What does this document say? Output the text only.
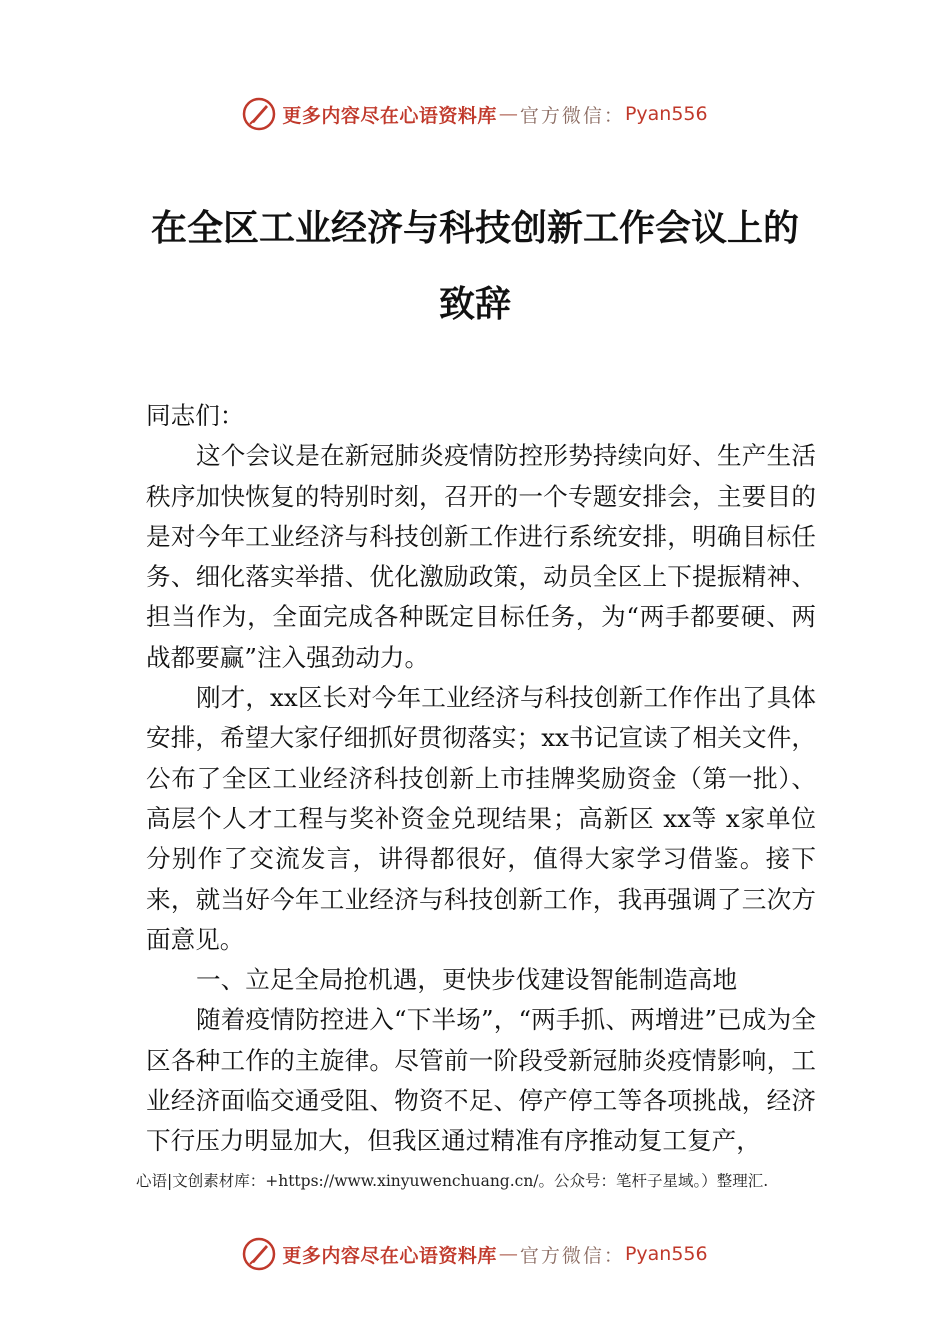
更多内容尽在心语资料库 — 官方微信： Pyan556
在全区工业经济与科技创新工作会议上的
致辞

同志们：

这个会议是在新冠肺炎疫情防控形势持续向好、生产生活秩序加快恢复的特别时刻，召开的一个专题安排会，主要目的是对今年工业经济与科技创新工作进行系统安排，明确目标任务、细化落实举措、优化激励政策，动员全区上下提振精神、担当作为，全面完成各种既定目标任务，为“两手都要硬、两战都要赢”注入强劲动力。

刚才，xx区长对今年工业经济与科技创新工作作出了具体安排，希望大家仔细抓好贯彻落实；xx书记宣读了相关文件，公布了全区工业经济科技创新上市挂牌奖励资金（第一批）、高层个人才工程与奖补资金兑现结果；高新区 xx等 x家单位分别作了交流发言，讲得都很好，值得大家学习借鉴。接下来，就当好今年工业经济与科技创新工作，我再强调了三次方面意见。

一、立足全局抢机遇，更快步伐建设智能制造高地

随着疫情防控进入“下半场”，“两手抓、两增进”已成为全区各种工作的主旋律。尽管前一阶段受新冠肺炎疫情影响，工业经济面临交通受阻、物资不足、停产停工等各项挑战，经济下行压力明显加大，但我区通过精准有序推动复工复产，

心语|文创素材库：+https://www.xinyuwenchuang.cn/。公众号：笔杆子星域。）整理汇.
更多内容尽在心语资料库 — 官方微信： Pyan556
